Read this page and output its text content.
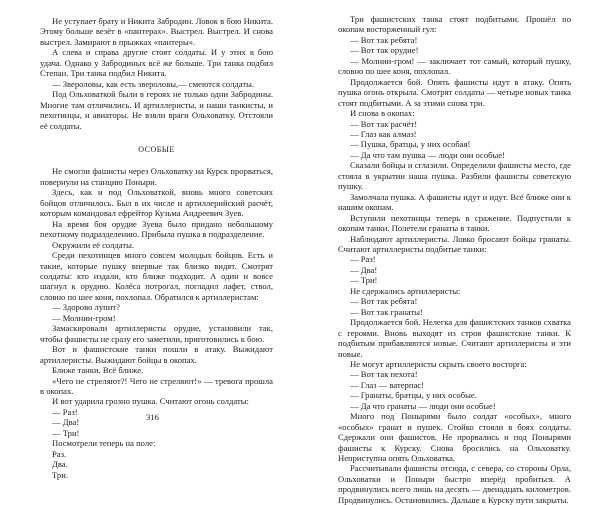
Не уступает брату и Никита Забродин. Ловок в бою Никита. Этому больше везёт в «пантерах». Выстрел. Выстрел. И снова выстрел. Замирают в прыжках «пантеры».

А слева и справа другие стоят солдаты. И у этих в бою удача. Однако у Забродиных всё же больше. Три танка подбил Степан. Три танка подбил Никита.

— Звероловы, как есть звероловы,— смеются солдаты.

Под Ольховаткой были в героях не только одни Забродины. Многие там отличились. И артиллеристы, и наши танкисты, и пехотинцы, и авиаторы. Не взяли враги Ольховатку. Отстояли её солдаты.

ОСОБЫЕ

Не смогли фашисты через Ольховатку на Курск прорваться, повернули на станцию Поныри.

Здесь, как и под Ольховаткой, вновь много советских бойцов отличилось. Был в их числе и артиллерийский расчёт, которым командовал ефрейтор Кузьма Андреевич Зуев.

На время боя орудие Зуева было придано небольшому пехотному подразделению. Прибыла пушка в подразделение.

Окружили её солдаты.

Среди пехотинцев много совсем молодых бойцов. Есть и такие, которые пушку впервые так близко видят. Смотрят солдаты: кто издали, кто ближе подходит. А один и вовсе шагнул к орудию. Колёса потрогал, погладил лафет, ствол, словно по шее коня, похлопал. Обратился к артиллеристам:

— Здорово лупит?

— Молнии-гром!

Замаскировали артиллеристы орудие, установили так, чтобы фашисты не сразу его заметили, приготовились к бою.

Вот и фашистские танки пошли в атаку. Выжидают артиллеристы. Выжидают бойцы в окопах.

Ближе танки. Всё ближе.

«Чего не стреляют?! Чего не стреляют!» — тревога прошла в окопах.

И вот ударила грозно пушка. Считают огонь солдаты:

— Раз!

— Два!

— Три!

Посмотрели теперь на поле:

Раз.

Два.

Три.

Три фашистских танка стоят подбитыми. Прошёл по окопам восторженный гул:

— Вот так ребята!

— Вот так орудие!

— Молнии-гром! — заключает тот самый, который пушку, словно по шее коня, похлопал.

Продолжается бой. Опять фашисты идут в атаку. Опять пушка огонь открыла. Смотрят солдаты — четыре новых танка стоят подбитыми. А за этими снова три.

И снова в окопах:

— Вот так расчёт!

— Глаз как алмаз!

— Пушка, братцы, у них особая!

— Да что там пушка — люди они особые!

Сказали бойцы и сглазили. Определили фашисты место, где стояла в укрытии наша пушка. Разбили фашисты советскую пушку.

Замолчала пушка. А фашисты идут и идут. Всё ближе они к нашим окопам.

Вступили пехотинцы теперь в сражение. Подпустили к окопам танки. Полетели гранаты в танки.

Наблюдают артиллеристы. Ловко бросают бойцы гранаты. Считают артиллеристы подбитые танки:

— Раз!

— Два!

— Три!

Не сдержались артиллеристы:

— Вот так ребята!

— Вот так гранаты!

Продолжается бой. Нелегка для фашистских танков схватка с героями. Вновь выходят из строя фашистские танки. К подбитым прибавляются новые. Считают артиллеристы и эти новые.

Не могут артиллеристы скрыть своего восторга:

— Вот так пехота!

— Глаз — ватерпас!

— Гранаты, братцы, у них особые.

— Да что гранаты — люди они особые!

Много под Понырями было солдат «особых», много «особых» гранат и пушек. Стойко стояли в боях солдаты. Сдержали они фашистов. Не прорвались и под Понырями фашисты к Курску. Снова бросились на Ольховатку. Неприступна опять Ольховатка.

Рассчитывали фашисты отсюда, с севера, со стороны Орла, Ольховатки и Поныри быстро вперёд пробиться. А продвинулись всего лишь на десять — двенадцать километров. Продвинулись. Остановились. Дальше к Курску пути закрыты.

316
